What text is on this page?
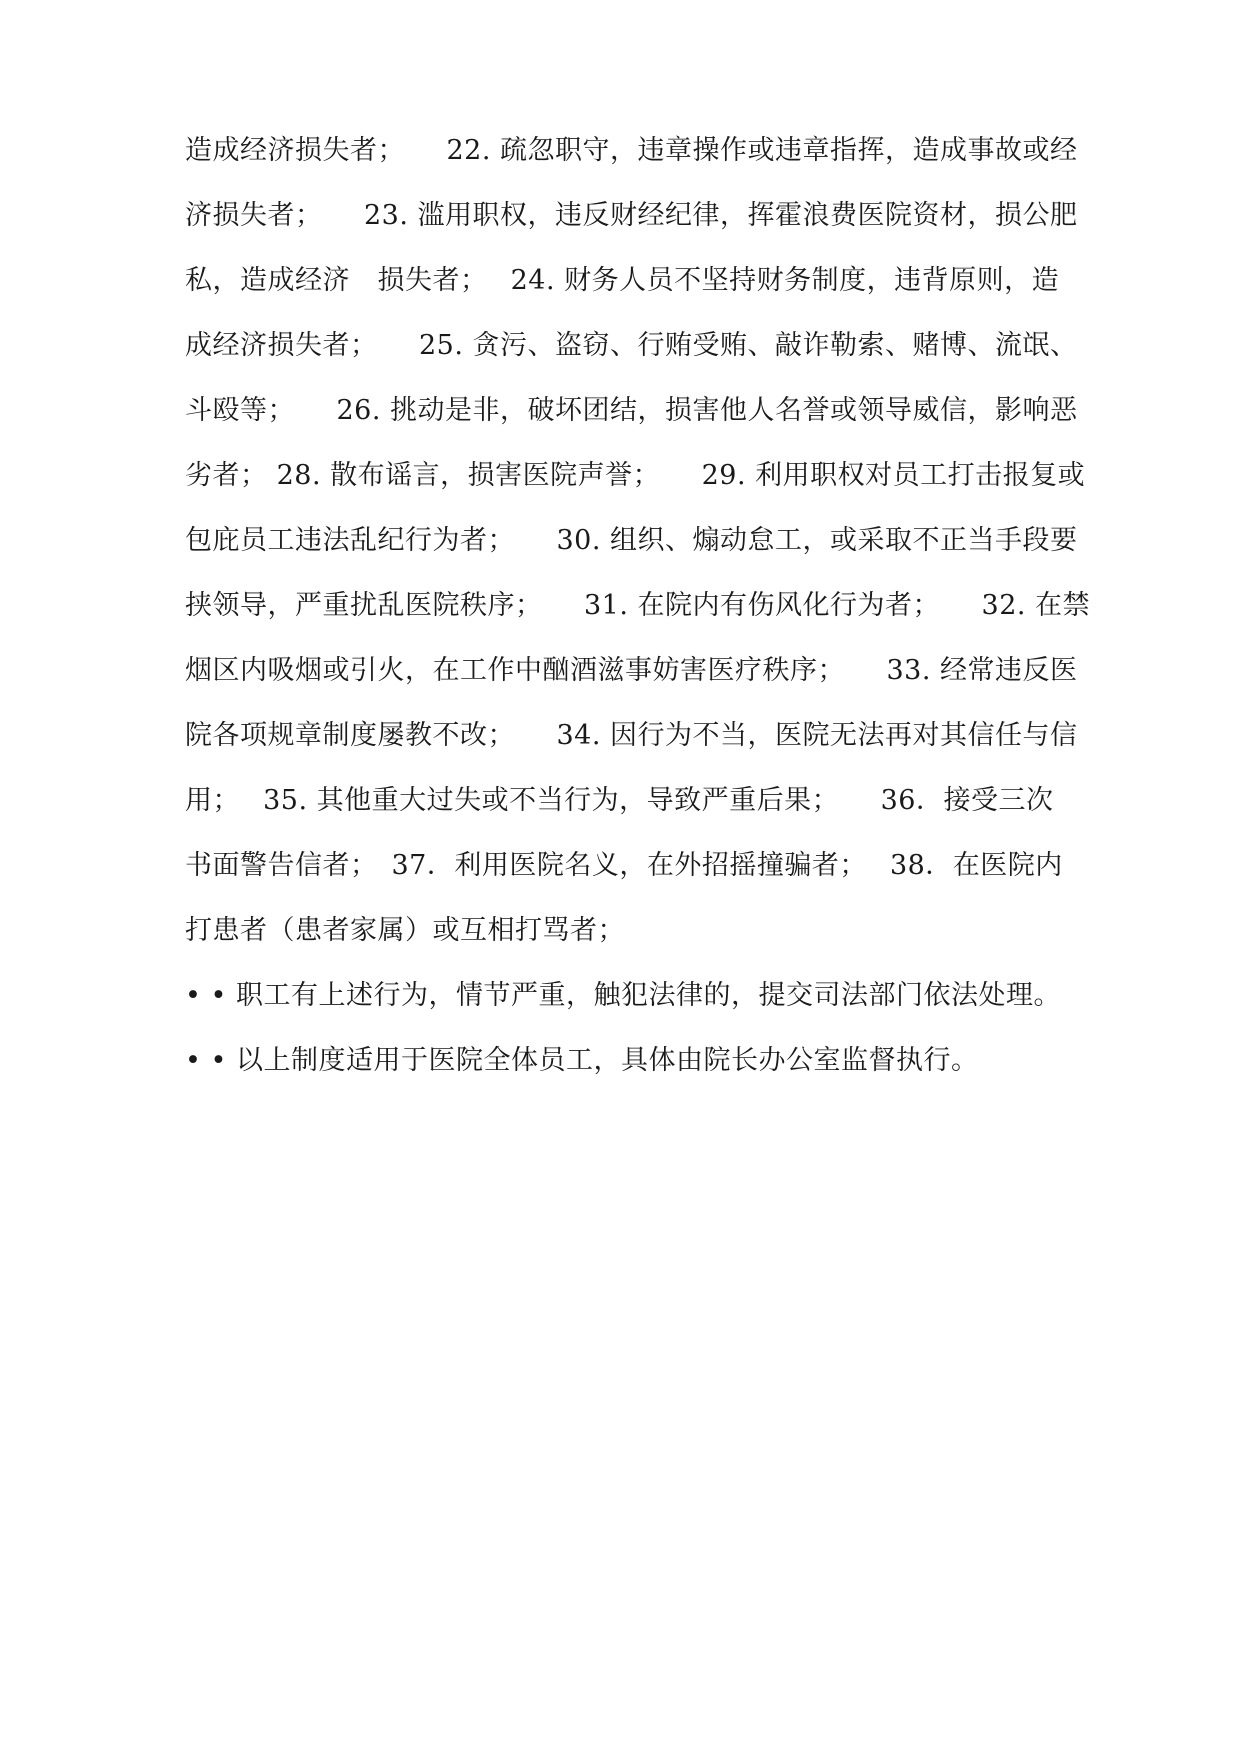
造成经济损失者；　　22. 疏忽职守，违章操作或违章指挥，造成事故或经
济损失者；　　23. 滥用职权，违反财经纪律，挥霍浪费医院资材，损公肥
私，造成经济　损失者；　 24. 财务人员不坚持财务制度，违背原则，造
成经济损失者；　　25. 贪污、盗窃、行贿受贿、敲诈勒索、赌博、流氓、
斗殴等；　　26. 挑动是非，破坏团结，损害他人名誉或领导威信，影响恶
劣者； 28. 散布谣言，损害医院声誉；　　29. 利用职权对员工打击报复或
包庇员工违法乱纪行为者；　　30. 组织、煽动怠工，或采取不正当手段要
挟领导，严重扰乱医院秩序；　　31. 在院内有伤风化行为者；　　32. 在禁
烟区内吸烟或引火，在工作中酗酒滋事妨害医疗秩序；　　33. 经常违反医
院各项规章制度屡教不改；　　34. 因行为不当，医院无法再对其信任与信
用；　 35. 其他重大过失或不当行为，导致严重后果；　　36．接受三次
书面警告信者；　37．利用医院名义，在外招摇撞骗者；　 38．在医院内
打患者（患者家属）或互相打骂者；
• • 职工有上述行为，情节严重，触犯法律的，提交司法部门依法处理。
• • 以上制度适用于医院全体员工，具体由院长办公室监督执行。
